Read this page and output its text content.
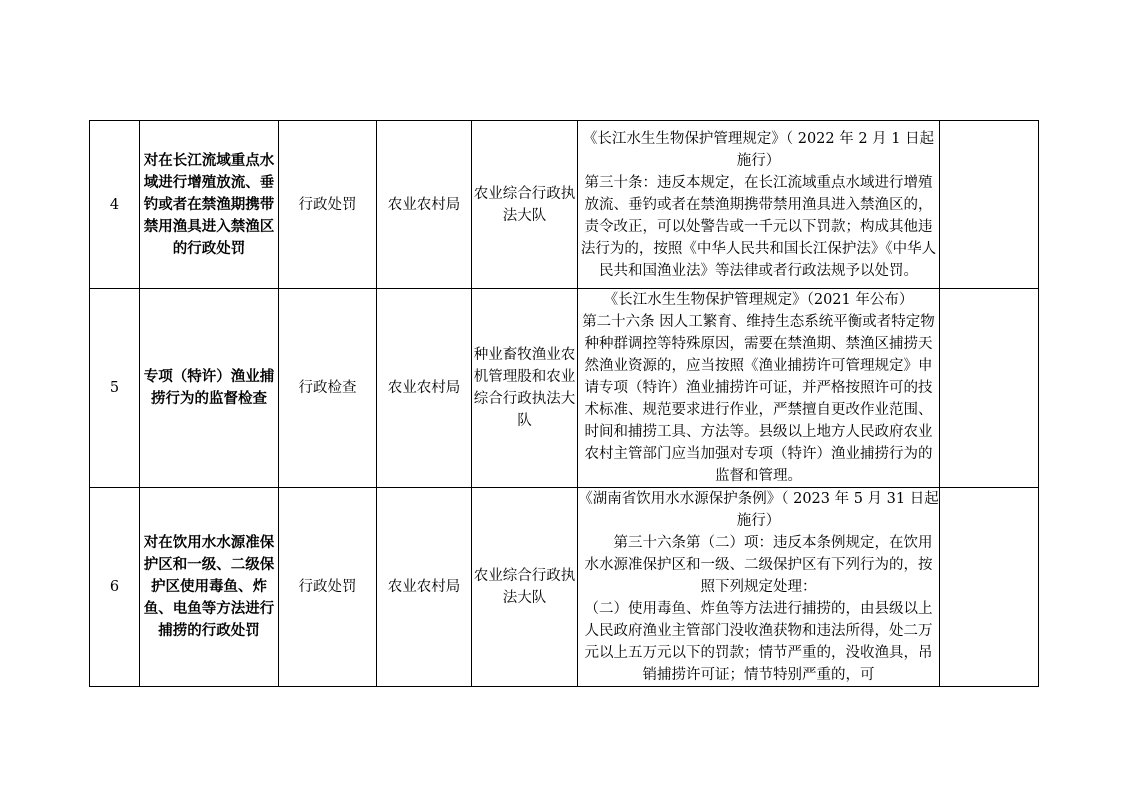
4	对在长江流域重点水域进行增殖放流、垂钓或者在禁渔期携带禁用渔具进入禁渔区的行政处罚	行政处罚	农业农村局	农业综合行政执法大队	《长江水生生物保护管理规定》（ 2022 年 2 月 1 日起施行）
第三十条：违反本规定，在长江流域重点水域进行增殖放流、垂钓或者在禁渔期携带禁用渔具进入禁渔区的，责令改正，可以处警告或一千元以下罚款；构成其他违法行为的，按照《中华人民共和国长江保护法》《中华人民共和国渔业法》等法律或者行政法规予以处罚。	

5	专项（特许）渔业捕捞行为的监督检查	行政检查	农业农村局	种业畜牧渔业农机管理股和农业综合行政执法大队	《长江水生生物保护管理规定》（2021 年公布）
第二十六条 因人工繁育、维持生态系统平衡或者特定物种种群调控等特殊原因，需要在禁渔期、禁渔区捕捞天然渔业资源的，应当按照《渔业捕捞许可管理规定》申请专项（特许）渔业捕捞许可证，并严格按照许可的技术标准、规范要求进行作业，严禁擅自更改作业范围、时间和捕捞工具、方法等。县级以上地方人民政府农业农村主管部门应当加强对专项（特许）渔业捕捞行为的监督和管理。	

6	对在饮用水水源准保护区和一级、二级保护区使用毒鱼、炸鱼、电鱼等方法进行捕捞的行政处罚	行政处罚	农业农村局	农业综合行政执法大队	《湖南省饮用水水源保护条例》（ 2023 年 5 月 31 日起施行）
第三十六条第（二）项：违反本条例规定，在饮用水水源准保护区和一级、二级保护区有下列行为的，按照下列规定处理：
（二）使用毒鱼、炸鱼等方法进行捕捞的，由县级以上人民政府渔业主管部门没收渔获物和违法所得，处二万元以上五万元以下的罚款；情节严重的，没收渔具，吊销捕捞许可证；情节特别严重的，可	
